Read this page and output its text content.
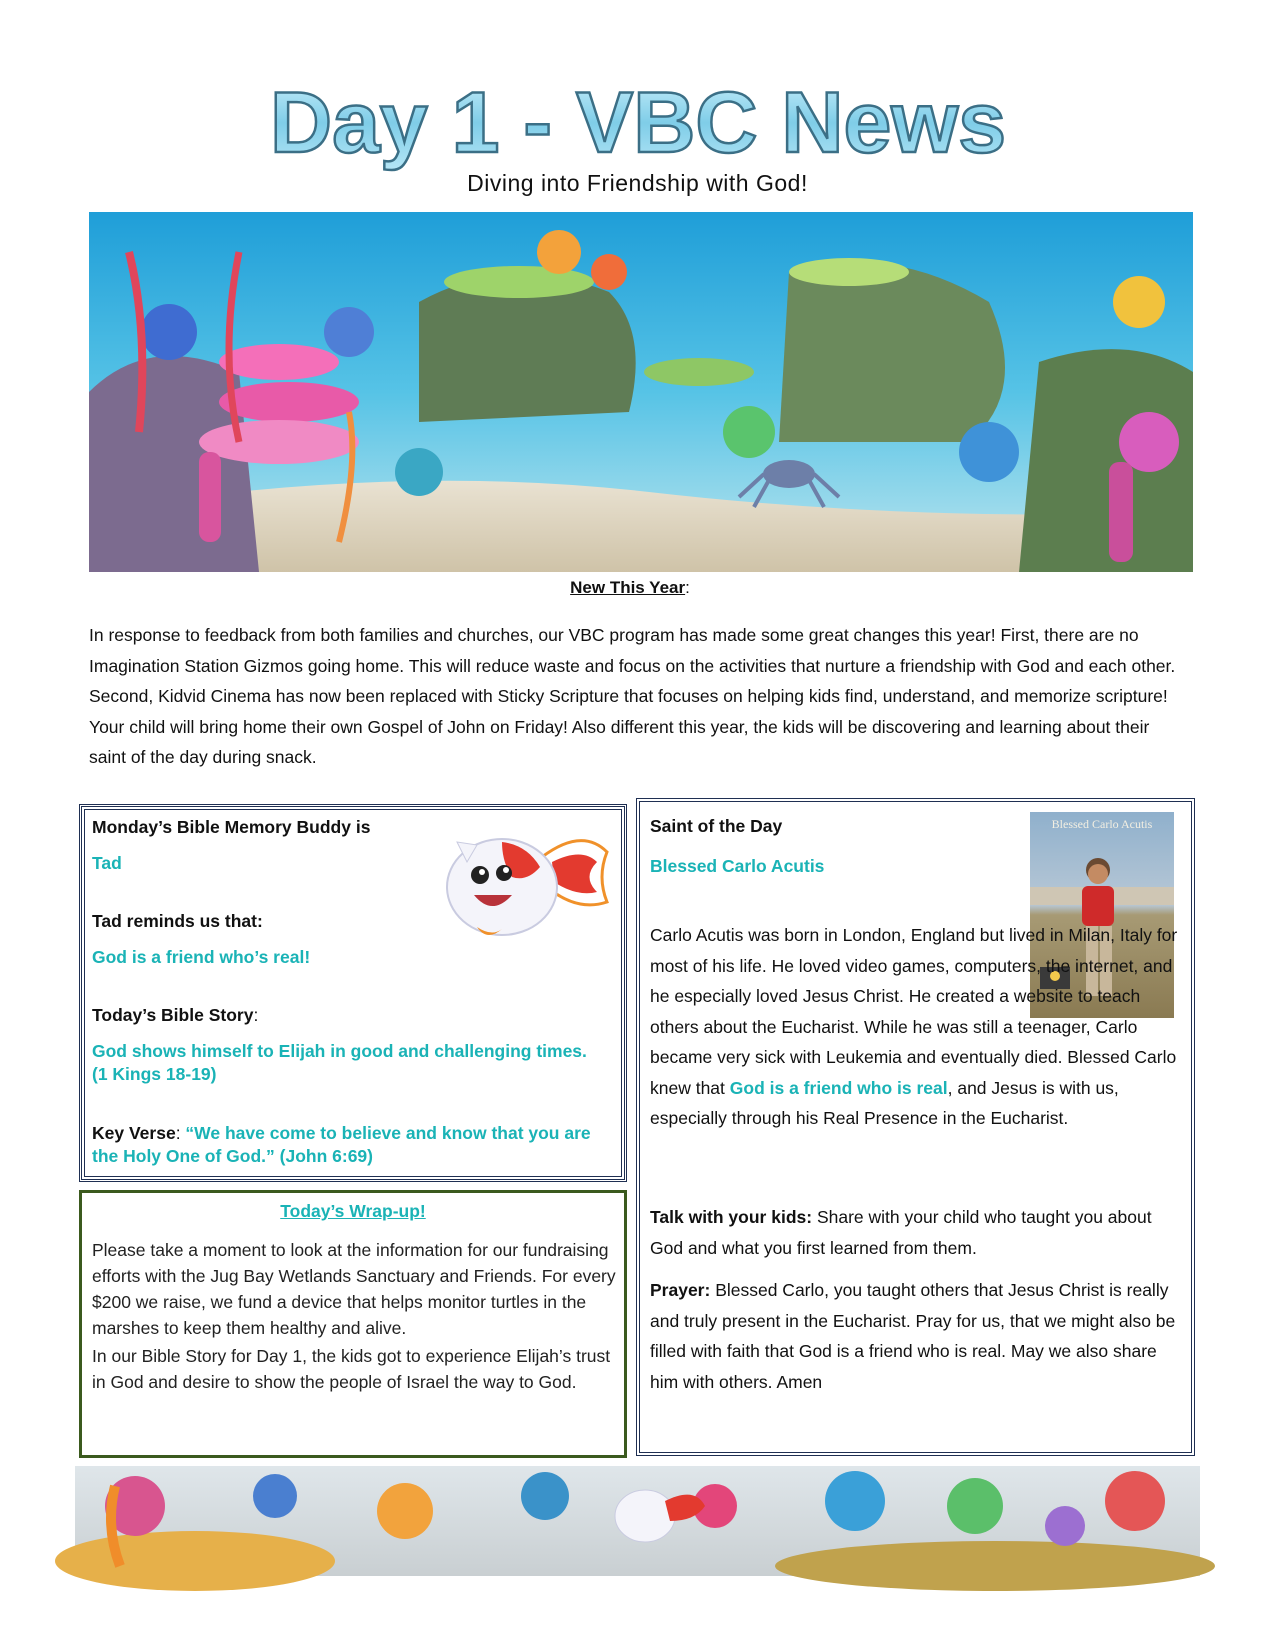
Day 1 - VBC News
Diving into Friendship with God!
New This Year:
In response to feedback from both families and churches, our VBC program has made some great changes this year! First, there are no Imagination Station Gizmos going home. This will reduce waste and focus on the activities that nurture a friendship with God and each other. Second, Kidvid Cinema has now been replaced with Sticky Scripture that focuses on helping kids find, understand, and memorize scripture! Your child will bring home their own Gospel of John on Friday! Also different this year, the kids will be discovering and learning about their saint of the day during snack.
Monday’s Bible Memory Buddy is
Tad
Tad reminds us that:
God is a friend who’s real!
Today’s Bible Story:
God shows himself to Elijah in good and challenging times.
(1 Kings 18-19)
Key Verse: “We have come to believe and know that you are
the Holy One of God.” (John 6:69)
Today’s Wrap-up!
Please take a moment to look at the information for our fundraising efforts with the Jug Bay Wetlands Sanctuary and Friends. For every $200 we raise, we fund a device that helps monitor turtles in the marshes to keep them healthy and alive.
In our Bible Story for Day 1, the kids got to experience Elijah’s trust in God and desire to show the people of Israel the way to God.
Saint of the Day
Blessed Carlo Acutis
Blessed Carlo Acutis
Carlo Acutis was born in London, England but lived in Milan, Italy for most of his life. He loved video games, computers, the internet, and he especially loved Jesus Christ. He created a website to teach others about the Eucharist. While he was still a teenager, Carlo became very sick with Leukemia and eventually died. Blessed Carlo knew that God is a friend who is real, and Jesus is with us, especially through his Real Presence in the Eucharist.
Talk with your kids: Share with your child who taught you about God and what you first learned from them.
Prayer: Blessed Carlo, you taught others that Jesus Christ is really and truly present in the Eucharist. Pray for us, that we might also be filled with faith that God is a friend who is real. May we also share him with others. Amen
